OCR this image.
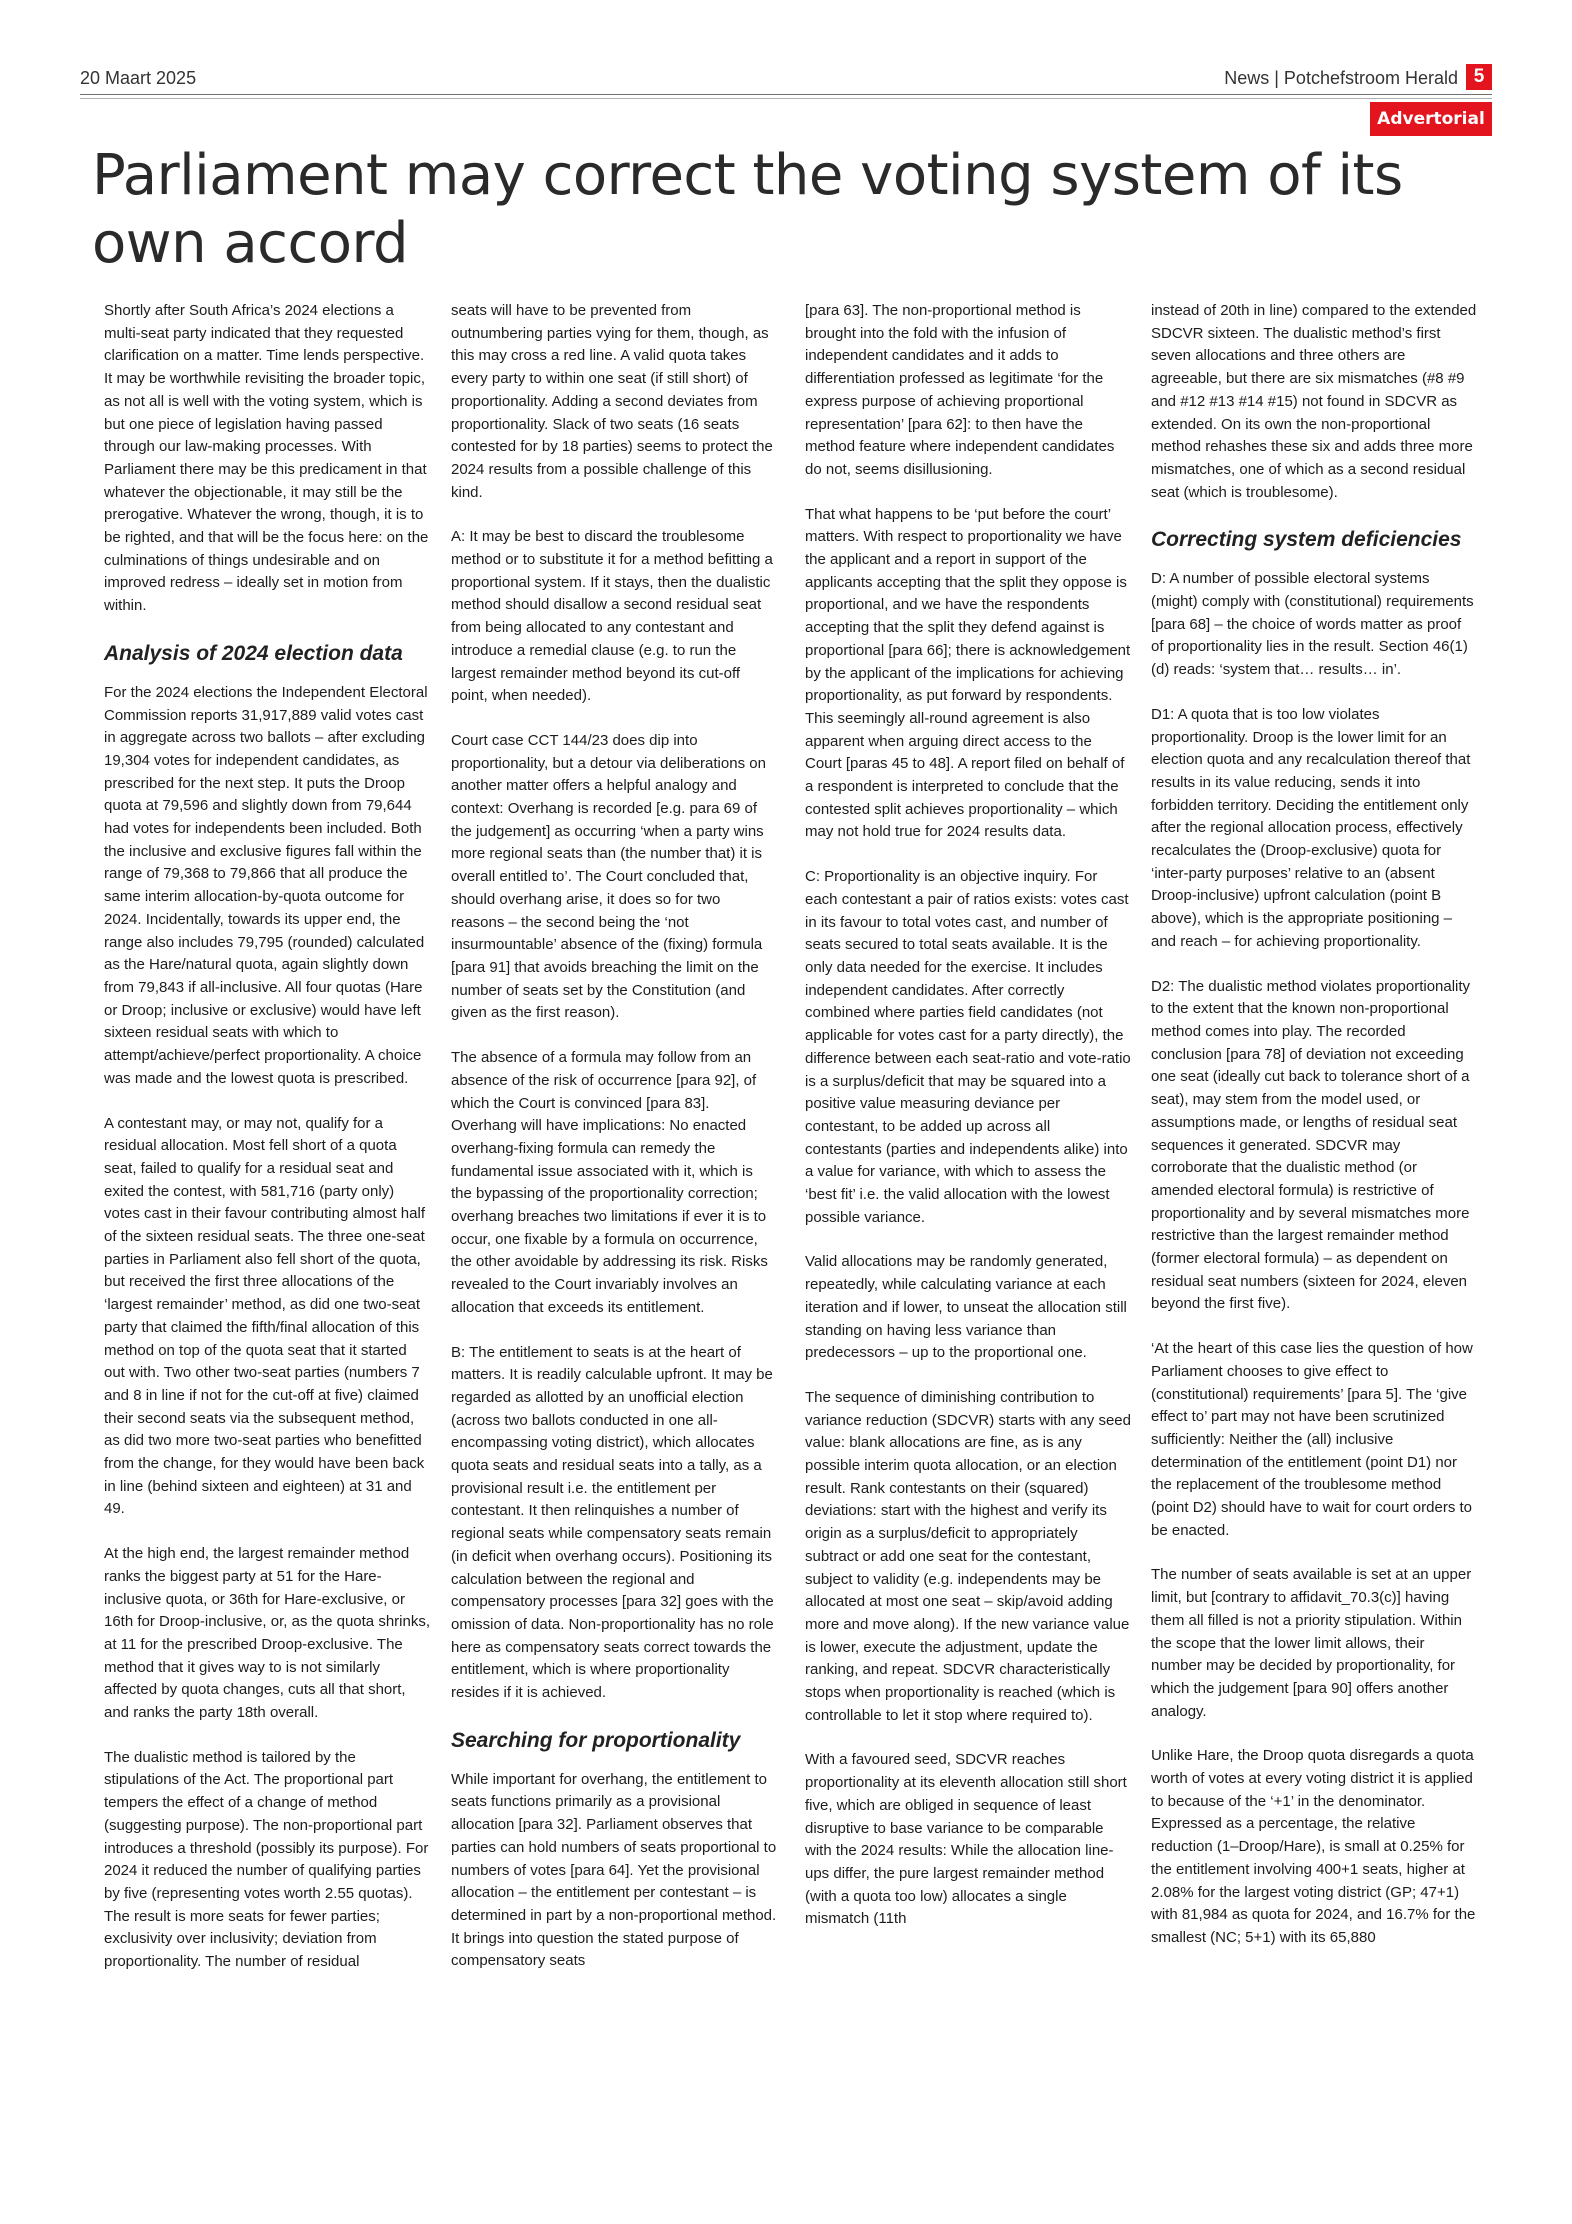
20 Maart 2025	News | Potchefstroom Herald 5
Advertorial
Parliament may correct the voting system of its own accord

Shortly after South Africa’s 2024 elections a multi-seat party indicated that they requested clarification on a matter. Time lends perspective. It may be worthwhile revisiting the broader topic, as not all is well with the voting system, which is but one piece of legislation having passed through our law-making processes. With Parliament there may be this predicament in that whatever the objectionable, it may still be the prerogative. Whatever the wrong, though, it is to be righted, and that will be the focus here: on the culminations of things undesirable and on improved redress – ideally set in motion from within.

Analysis of 2024 election data

For the 2024 elections the Independent Electoral Commission reports 31,917,889 valid votes cast in aggregate across two ballots – after excluding 19,304 votes for independent candidates, as prescribed for the next step. It puts the Droop quota at 79,596 and slightly down from 79,644 had votes for independents been included. Both the inclusive and exclusive figures fall within the range of 79,368 to 79,866 that all produce the same interim allocation-by-quota outcome for 2024. Incidentally, towards its upper end, the range also includes 79,795 (rounded) calculated as the Hare/natural quota, again slightly down from 79,843 if all-inclusive. All four quotas (Hare or Droop; inclusive or exclusive) would have left sixteen residual seats with which to attempt/achieve/perfect proportionality. A choice was made and the lowest quota is prescribed.

A contestant may, or may not, qualify for a residual allocation. Most fell short of a quota seat, failed to qualify for a residual seat and exited the contest, with 581,716 (party only) votes cast in their favour contributing almost half of the sixteen residual seats. The three one-seat parties in Parliament also fell short of the quota, but received the first three allocations of the ‘largest remainder’ method, as did one two-seat party that claimed the fifth/final allocation of this method on top of the quota seat that it started out with. Two other two-seat parties (numbers 7 and 8 in line if not for the cut-off at five) claimed their second seats via the subsequent method, as did two more two-seat parties who benefitted from the change, for they would have been back in line (behind sixteen and eighteen) at 31 and 49.

At the high end, the largest remainder method ranks the biggest party at 51 for the Hare-inclusive quota, or 36th for Hare-exclusive, or 16th for Droop-inclusive, or, as the quota shrinks, at 11 for the prescribed Droop-exclusive. The method that it gives way to is not similarly affected by quota changes, cuts all that short, and ranks the party 18th overall.

The dualistic method is tailored by the stipulations of the Act. The proportional part tempers the effect of a change of method (suggesting purpose). The non-proportional part introduces a threshold (possibly its purpose). For 2024 it reduced the number of qualifying parties by five (representing votes worth 2.55 quotas). The result is more seats for fewer parties; exclusivity over inclusivity; deviation from proportionality. The number of residual

seats will have to be prevented from outnumbering parties vying for them, though, as this may cross a red line. A valid quota takes every party to within one seat (if still short) of proportionality. Adding a second deviates from proportionality. Slack of two seats (16 seats contested for by 18 parties) seems to protect the 2024 results from a possible challenge of this kind.

A: It may be best to discard the troublesome method or to substitute it for a method befitting a proportional system. If it stays, then the dualistic method should disallow a second residual seat from being allocated to any contestant and introduce a remedial clause (e.g. to run the largest remainder method beyond its cut-off point, when needed).

Court case CCT 144/23 does dip into proportionality, but a detour via deliberations on another matter offers a helpful analogy and context: Overhang is recorded [e.g. para 69 of the judgement] as occurring ‘when a party wins more regional seats than (the number that) it is overall entitled to’. The Court concluded that, should overhang arise, it does so for two reasons – the second being the ‘not insurmountable’ absence of the (fixing) formula [para 91] that avoids breaching the limit on the number of seats set by the Constitution (and given as the first reason).

The absence of a formula may follow from an absence of the risk of occurrence [para 92], of which the Court is convinced [para 83]. Overhang will have implications: No enacted overhang-fixing formula can remedy the fundamental issue associated with it, which is the bypassing of the proportionality correction; overhang breaches two limitations if ever it is to occur, one fixable by a formula on occurrence, the other avoidable by addressing its risk. Risks revealed to the Court invariably involves an allocation that exceeds its entitlement.

B: The entitlement to seats is at the heart of matters. It is readily calculable upfront. It may be regarded as allotted by an unofficial election (across two ballots conducted in one all-encompassing voting district), which allocates quota seats and residual seats into a tally, as a provisional result i.e. the entitlement per contestant. It then relinquishes a number of regional seats while compensatory seats remain (in deficit when overhang occurs). Positioning its calculation between the regional and compensatory processes [para 32] goes with the omission of data. Non-proportionality has no role here as compensatory seats correct towards the entitlement, which is where proportionality resides if it is achieved.

Searching for proportionality

While important for overhang, the entitlement to seats functions primarily as a provisional allocation [para 32]. Parliament observes that parties can hold numbers of seats proportional to numbers of votes [para 64]. Yet the provisional allocation – the entitlement per contestant – is determined in part by a non-proportional method. It brings into question the stated purpose of compensatory seats

[para 63]. The non-proportional method is brought into the fold with the infusion of independent candidates and it adds to differentiation professed as legitimate ‘for the express purpose of achieving proportional representation’ [para 62]: to then have the method feature where independent candidates do not, seems disillusioning.

That what happens to be ‘put before the court’ matters. With respect to proportionality we have the applicant and a report in support of the applicants accepting that the split they oppose is proportional, and we have the respondents accepting that the split they defend against is proportional [para 66]; there is acknowledgement by the applicant of the implications for achieving proportionality, as put forward by respondents. This seemingly all-round agreement is also apparent when arguing direct access to the Court [paras 45 to 48]. A report filed on behalf of a respondent is interpreted to conclude that the contested split achieves proportionality – which may not hold true for 2024 results data.

C: Proportionality is an objective inquiry. For each contestant a pair of ratios exists: votes cast in its favour to total votes cast, and number of seats secured to total seats available. It is the only data needed for the exercise. It includes independent candidates. After correctly combined where parties field candidates (not applicable for votes cast for a party directly), the difference between each seat-ratio and vote-ratio is a surplus/deficit that may be squared into a positive value measuring deviance per contestant, to be added up across all contestants (parties and independents alike) into a value for variance, with which to assess the ‘best fit’ i.e. the valid allocation with the lowest possible variance.

Valid allocations may be randomly generated, repeatedly, while calculating variance at each iteration and if lower, to unseat the allocation still standing on having less variance than predecessors – up to the proportional one.

The sequence of diminishing contribution to variance reduction (SDCVR) starts with any seed value: blank allocations are fine, as is any possible interim quota allocation, or an election result. Rank contestants on their (squared) deviations: start with the highest and verify its origin as a surplus/deficit to appropriately subtract or add one seat for the contestant, subject to validity (e.g. independents may be allocated at most one seat – skip/avoid adding more and move along). If the new variance value is lower, execute the adjustment, update the ranking, and repeat. SDCVR characteristically stops when proportionality is reached (which is controllable to let it stop where required to).

With a favoured seed, SDCVR reaches proportionality at its eleventh allocation still short five, which are obliged in sequence of least disruptive to base variance to be comparable with the 2024 results: While the allocation line-ups differ, the pure largest remainder method (with a quota too low) allocates a single mismatch (11th

instead of 20th in line) compared to the extended SDCVR sixteen. The dualistic method’s first seven allocations and three others are agreeable, but there are six mismatches (#8 #9 and #12 #13 #14 #15) not found in SDCVR as extended. On its own the non-proportional method rehashes these six and adds three more mismatches, one of which as a second residual seat (which is troublesome).

Correcting system deficiencies

D: A number of possible electoral systems (might) comply with (constitutional) requirements [para 68] – the choice of words matter as proof of proportionality lies in the result. Section 46(1)(d) reads: ‘system that… results… in’.

D1: A quota that is too low violates proportionality. Droop is the lower limit for an election quota and any recalculation thereof that results in its value reducing, sends it into forbidden territory. Deciding the entitlement only after the regional allocation process, effectively recalculates the (Droop-exclusive) quota for ‘inter-party purposes’ relative to an (absent Droop-inclusive) upfront calculation (point B above), which is the appropriate positioning – and reach – for achieving proportionality.

D2: The dualistic method violates proportionality to the extent that the known non-proportional method comes into play. The recorded conclusion [para 78] of deviation not exceeding one seat (ideally cut back to tolerance short of a seat), may stem from the model used, or assumptions made, or lengths of residual seat sequences it generated. SDCVR may corroborate that the dualistic method (or amended electoral formula) is restrictive of proportionality and by several mismatches more restrictive than the largest remainder method (former electoral formula) – as dependent on residual seat numbers (sixteen for 2024, eleven beyond the first five).

‘At the heart of this case lies the question of how Parliament chooses to give effect to (constitutional) requirements’ [para 5]. The ‘give effect to’ part may not have been scrutinized sufficiently: Neither the (all) inclusive determination of the entitlement (point D1) nor the replacement of the troublesome method (point D2) should have to wait for court orders to be enacted.

The number of seats available is set at an upper limit, but [contrary to affidavit_70.3(c)] having them all filled is not a priority stipulation. Within the scope that the lower limit allows, their number may be decided by proportionality, for which the judgement [para 90] offers another analogy.

Unlike Hare, the Droop quota disregards a quota worth of votes at every voting district it is applied to because of the ‘+1’ in the denominator. Expressed as a percentage, the relative reduction (1–Droop/Hare), is small at 0.25% for the entitlement involving 400+1 seats, higher at 2.08% for the largest voting district (GP; 47+1) with 81,984 as quota for 2024, and 16.7% for the smallest (NC; 5+1) with its 65,880
